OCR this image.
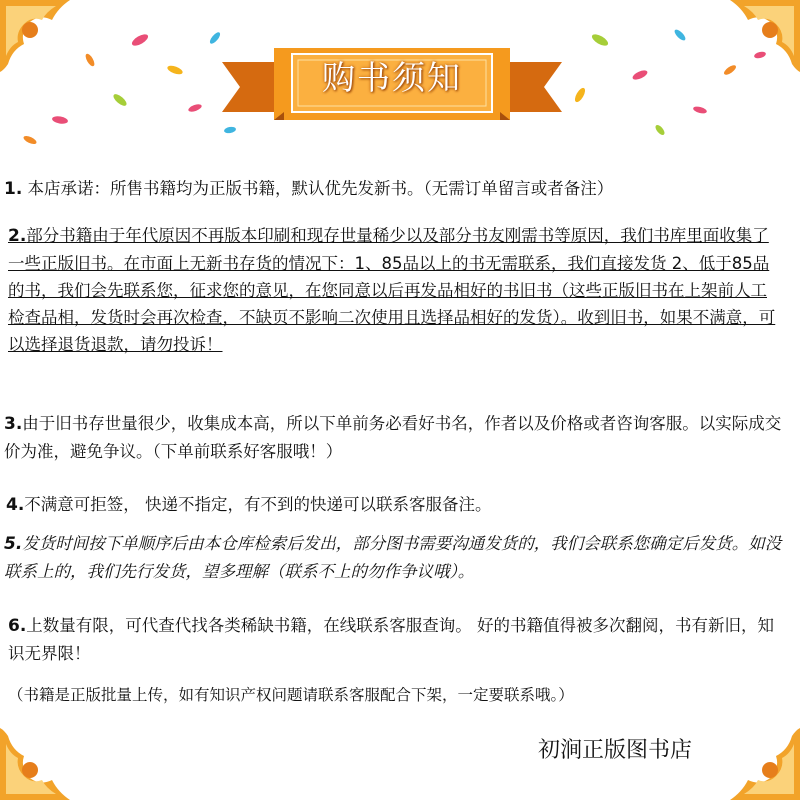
购书须知

1. 本店承诺：所售书籍均为正版书籍，默认优先发新书。（无需订单留言或者备注）

2.部分书籍由于年代原因不再版本印刷和现存世量稀少以及部分书友刚需书等原因，我们书库里面收集了一些正版旧书。在市面上无新书存货的情况下：1、85品以上的书无需联系，我们直接发货 2、低于85品的书，我们会先联系您，征求您的意见，在您同意以后再发品相好的书旧书（这些正版旧书在上架前人工检查品相，发货时会再次检查，不缺页不影响二次使用且选择品相好的发货）。收到旧书，如果不满意，可以选择退货退款，请勿投诉！

3.由于旧书存世量很少，收集成本高，所以下单前务必看好书名，作者以及价格或者咨询客服。以实际成交价为准，避免争议。（下单前联系好客服哦！）

4.不满意可拒签， 快递不指定，有不到的快递可以联系客服备注。

5.发货时间按下单顺序后由本仓库检索后发出，部分图书需要沟通发货的，我们会联系您确定后发货。如没联系上的，我们先行发货，望多理解（联系不上的勿作争议哦）。

6.上数量有限，可代查代找各类稀缺书籍，在线联系客服查询。 好的书籍值得被多次翻阅，书有新旧，知识无界限！

（书籍是正版批量上传，如有知识产权问题请联系客服配合下架，一定要联系哦。）

初涧正版图书店
